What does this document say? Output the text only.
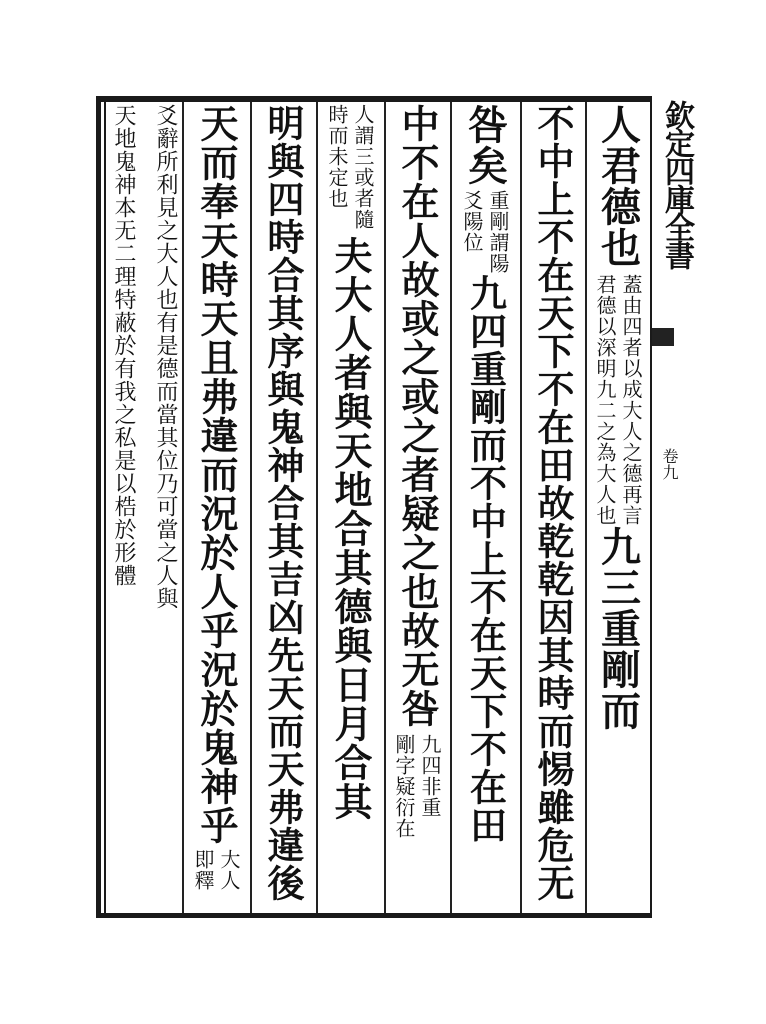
欽定四庫全書
卷九
人君德也
蓋由四者以成大人之德再言
君德以深明九二之為大人也
九三重剛而
不中上不在天下不在田故乾乾因其時而惕雖危无
咎矣
重剛謂陽
爻陽位
九四重剛而不中上不在天下不在田
中不在人故或之或之者疑之也故无咎
九四非重
剛字疑衍在
人謂三或者隨
時而未定也
夫大人者與天地合其德與日月合其
明與四時合其序與鬼神合其吉凶先天而天弗違後
天而奉天時天且弗違而況於人乎況於鬼神乎
大人
即釋
爻辭所利見之大人也有是德而當其位乃可當之人與
天地鬼神本无二理特蔽於有我之私是以梏於形體
